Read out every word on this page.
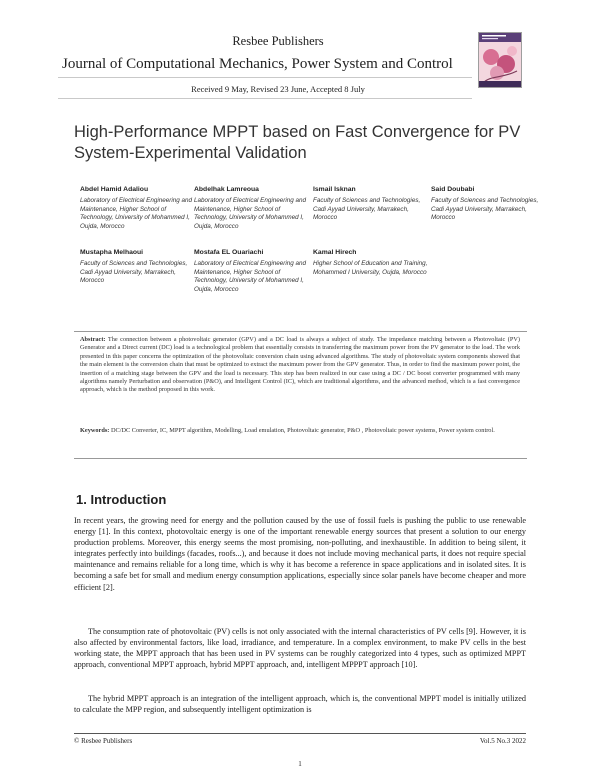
Resbee Publishers
Journal of Computational Mechanics, Power System and Control
Received 9 May, Revised 23 June, Accepted 8 July
High-Performance MPPT based on Fast Convergence for PV System-Experimental Validation
Abdel Hamid Adaliou
Laboratory of Electrical Engineering and Maintenance, Higher School of Technology, University of Mohammed I, Oujda, Morocco
Abdelhak Lamreoua
Laboratory of Electrical Engineering and Maintenance, Higher School of Technology, University of Mohammed I, Oujda, Morocco
Ismail Isknan
Faculty of Sciences and Technologies, Cadi Ayyad University, Marrakech, Morocco
Said Doubabi
Faculty of Sciences and Technologies, Cadi Ayyad University, Marrakech, Morocco
Mustapha Melhaoui
Faculty of Sciences and Technologies, Cadi Ayyad University, Marrakech, Morocco
Mostafa EL Ouariachi
Laboratory of Electrical Engineering and Maintenance, Higher School of Technology, University of Mohammed I, Oujda, Morocco
Kamal Hirech
Higher School of Education and Training, Mohammed I University, Oujda, Morocco
Abstract: The connection between a photovoltaic generator (GPV) and a DC load is always a subject of study. The impedance matching between a Photovoltaic (PV) Generator and a Direct current (DC) load is a technological problem that essentially consists in transferring the maximum power from the PV generator to the load. The work presented in this paper concerns the optimization of the photovoltaic conversion chain using advanced algorithms. The study of photovoltaic system components showed that the main element is the conversion chain that must be optimized to extract the maximum power from the GPV generator. Thus, in order to find the maximum power point, the insertion of a matching stage between the GPV and the load is necessary. This step has been realized in our case using a DC / DC boost converter programmed with many algorithms namely Perturbation and observation (P&O), and Intelligent Control (IC), which are traditional algorithms, and the advanced method, which is a fast convergence approach, which is the method proposed in this work.
Keywords: DC/DC Converter, IC, MPPT algorithm, Modelling, Load emulation, Photovoltaic generator, P&O , Photovoltaic power systems, Power system control.
1. Introduction
In recent years, the growing need for energy and the pollution caused by the use of fossil fuels is pushing the public to use renewable energy [1]. In this context, photovoltaic energy is one of the important renewable energy sources that present a solution to our energy production problems. Moreover, this energy seems the most promising, non-polluting, and inexhaustible. In addition to being silent, it integrates perfectly into buildings (facades, roofs...), and because it does not include moving mechanical parts, it does not require special maintenance and remains reliable for a long time, which is why it has become a reference in space applications and in isolated sites. It is becoming a safe bet for small and medium energy consumption applications, especially since solar panels have become cheaper and more efficient [2].
The consumption rate of photovoltaic (PV) cells is not only associated with the internal characteristics of PV cells [9]. However, it is also affected by environmental factors, like load, irradiance, and temperature. In a complex environment, to make PV cells in the best working state, the MPPT approach that has been used in PV systems can be roughly categorized into 4 types, such as optimized MPPT approach, conventional MPPT approach, hybrid MPPT approach, and, intelligent MPPPT approach [10].
The hybrid MPPT approach is an integration of the intelligent approach, which is, the conventional MPPT model is initially utilized to calculate the MPP region, and subsequently intelligent optimization is
© Resbee Publishers	Vol.5 No.3 2022
1
